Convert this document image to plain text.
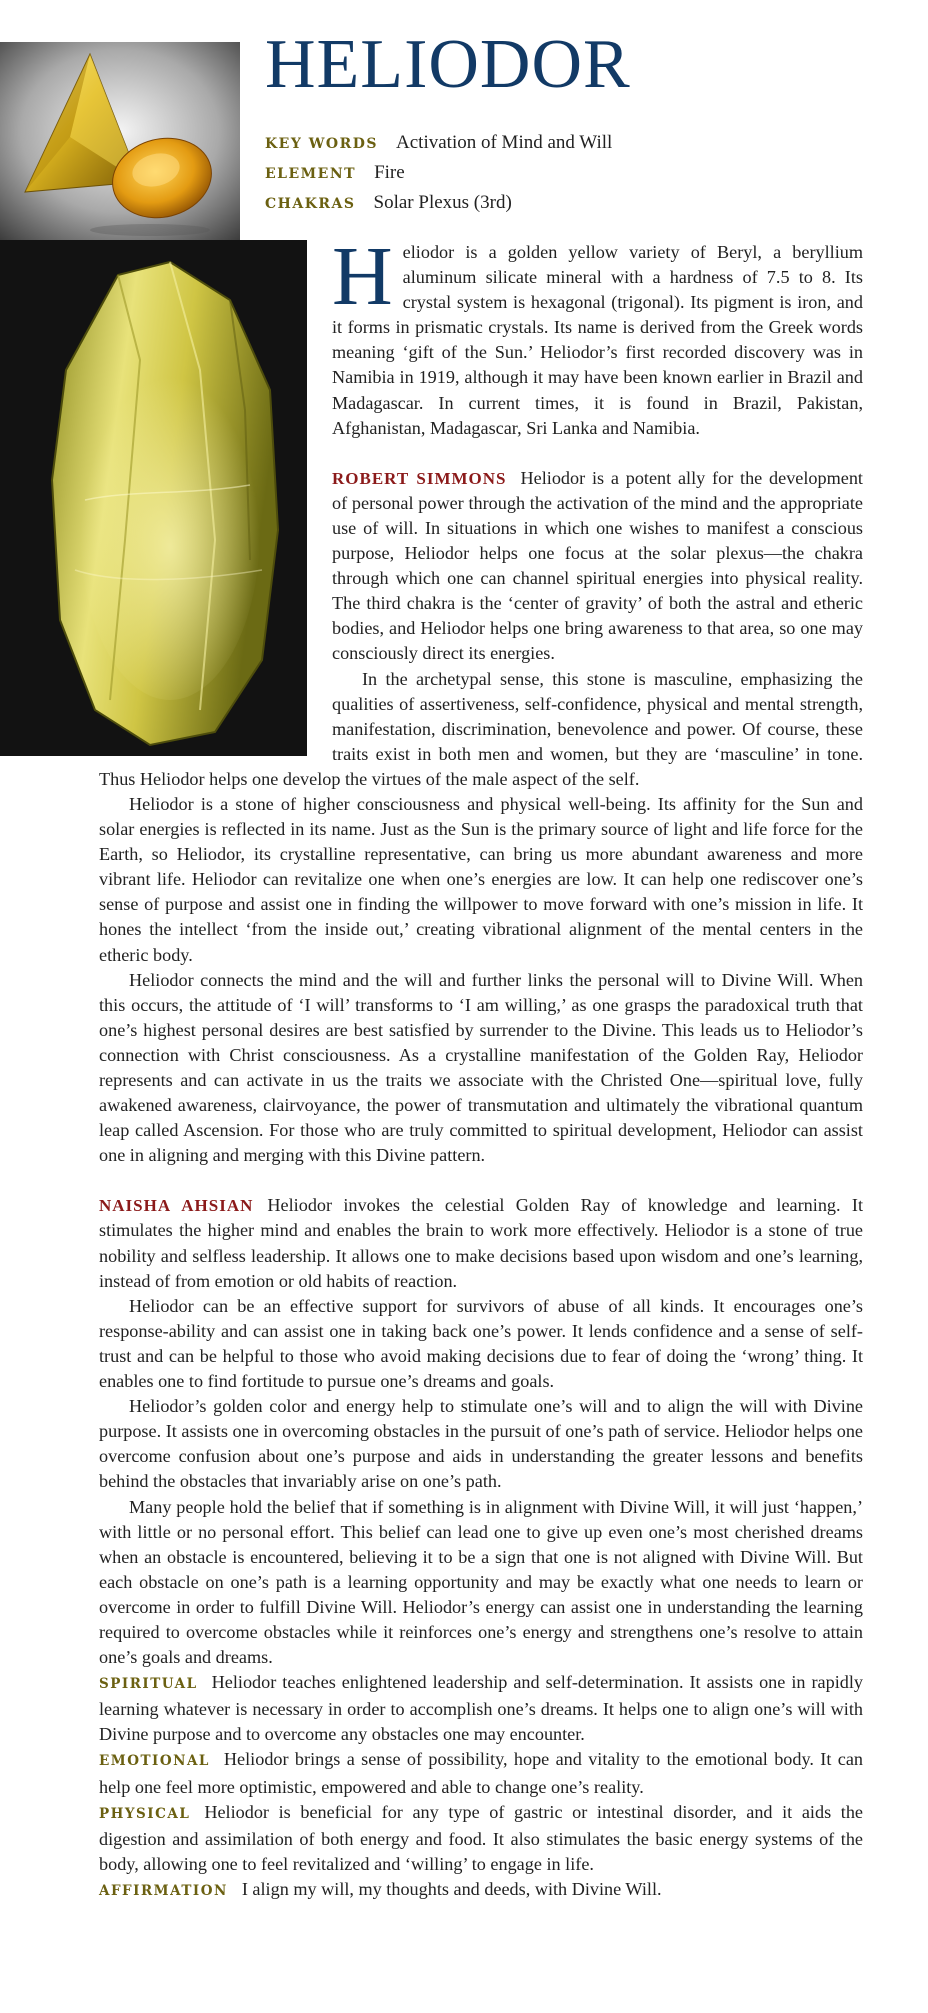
HELIODOR
KEY WORDS Activation of Mind and Will
ELEMENT Fire
CHAKRAS Solar Plexus (3rd)

Heliodor is a golden yellow variety of Beryl, a beryllium aluminum silicate mineral with a hardness of 7.5 to 8. Its crystal system is hexagonal (trigonal). Its pigment is iron, and it forms in prismatic crystals. Its name is derived from the Greek words meaning ‘gift of the Sun.’ Heliodor’s first recorded discovery was in Namibia in 1919, although it may have been known earlier in Brazil and Madagascar. In current times, it is found in Brazil, Pakistan, Afghanistan, Madagascar, Sri Lanka and Namibia.

ROBERT SIMMONS Heliodor is a potent ally for the development of personal power through the activation of the mind and the appropriate use of will. In situations in which one wishes to manifest a conscious purpose, Heliodor helps one focus at the solar plexus—the chakra through which one can channel spiritual energies into physical reality. The third chakra is the ‘center of gravity’ of both the astral and etheric bodies, and Heliodor helps one bring awareness to that area, so one may consciously direct its energies.

In the archetypal sense, this stone is masculine, emphasizing the qualities of assertiveness, self-confidence, physical and mental strength, manifestation, discrimination, benevolence and power. Of course, these traits exist in both men and women, but they are ‘masculine’ in tone. Thus Heliodor helps one develop the virtues of the male aspect of the self.

Heliodor is a stone of higher consciousness and physical well-being. Its affinity for the Sun and solar energies is reflected in its name. Just as the Sun is the primary source of light and life force for the Earth, so Heliodor, its crystalline representative, can bring us more abundant awareness and more vibrant life. Heliodor can revitalize one when one’s energies are low. It can help one rediscover one’s sense of purpose and assist one in finding the willpower to move forward with one’s mission in life. It hones the intellect ‘from the inside out,’ creating vibrational alignment of the mental centers in the etheric body.

Heliodor connects the mind and the will and further links the personal will to Divine Will. When this occurs, the attitude of ‘I will’ transforms to ‘I am willing,’ as one grasps the paradoxical truth that one’s highest personal desires are best satisfied by surrender to the Divine. This leads us to Heliodor’s connection with Christ consciousness. As a crystalline manifestation of the Golden Ray, Heliodor represents and can activate in us the traits we associate with the Christed One—spiritual love, fully awakened awareness, clairvoyance, the power of transmutation and ultimately the vibrational quantum leap called Ascension. For those who are truly committed to spiritual development, Heliodor can assist one in aligning and merging with this Divine pattern.

NAISHA AHSIAN Heliodor invokes the celestial Golden Ray of knowledge and learning. It stimulates the higher mind and enables the brain to work more effectively. Heliodor is a stone of true nobility and selfless leadership. It allows one to make decisions based upon wisdom and one’s learning, instead of from emotion or old habits of reaction.

Heliodor can be an effective support for survivors of abuse of all kinds. It encourages one’s response-ability and can assist one in taking back one’s power. It lends confidence and a sense of self-trust and can be helpful to those who avoid making decisions due to fear of doing the ‘wrong’ thing. It enables one to find fortitude to pursue one’s dreams and goals.

Heliodor’s golden color and energy help to stimulate one’s will and to align the will with Divine purpose. It assists one in overcoming obstacles in the pursuit of one’s path of service. Heliodor helps one overcome confusion about one’s purpose and aids in understanding the greater lessons and benefits behind the obstacles that invariably arise on one’s path.

Many people hold the belief that if something is in alignment with Divine Will, it will just ‘happen,’ with little or no personal effort. This belief can lead one to give up even one’s most cherished dreams when an obstacle is encountered, believing it to be a sign that one is not aligned with Divine Will. But each obstacle on one’s path is a learning opportunity and may be exactly what one needs to learn or overcome in order to fulfill Divine Will. Heliodor’s energy can assist one in understanding the learning required to overcome obstacles while it reinforces one’s energy and strengthens one’s resolve to attain one’s goals and dreams.

SPIRITUAL Heliodor teaches enlightened leadership and self-determination. It assists one in rapidly learning whatever is necessary in order to accomplish one’s dreams. It helps one to align one’s will with Divine purpose and to overcome any obstacles one may encounter.

EMOTIONAL Heliodor brings a sense of possibility, hope and vitality to the emotional body. It can help one feel more optimistic, empowered and able to change one’s reality.

PHYSICAL Heliodor is beneficial for any type of gastric or intestinal disorder, and it aids the digestion and assimilation of both energy and food. It also stimulates the basic energy systems of the body, allowing one to feel revitalized and ‘willing’ to engage in life.

AFFIRMATION I align my will, my thoughts and deeds, with Divine Will.
